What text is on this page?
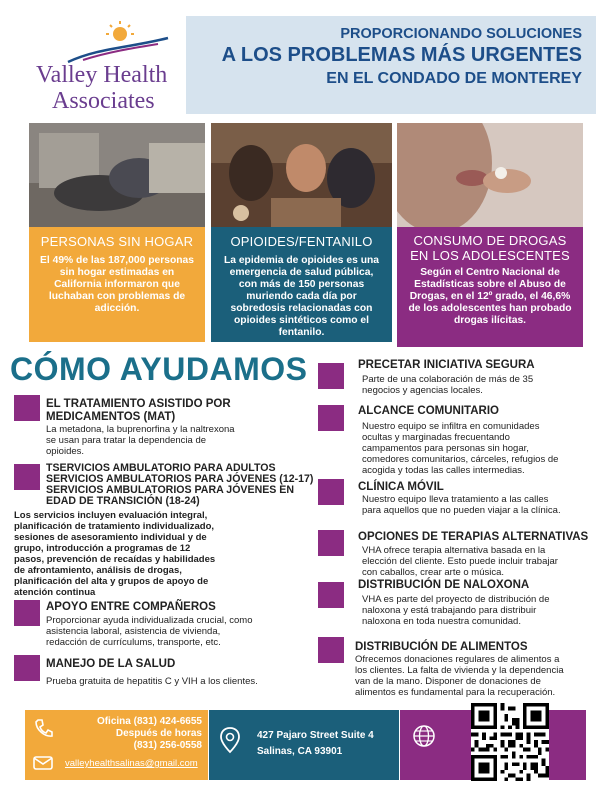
Valley Health
Associates
PROPORCIONANDO SOLUCIONES
A LOS PROBLEMAS MÁS URGENTES
EN EL CONDADO DE MONTEREY
PERSONAS SIN HOGAR
El 49% de las 187,000 personas sin hogar estimadas en California informaron que luchaban con problemas de adicción.
OPIOIDES/FENTANILO
La epidemia de opioides es una emergencia de salud pública, con más de 150 personas muriendo cada día por sobredosis relacionadas con opioides sintéticos como el fentanilo.
CONSUMO DE DROGAS
EN LOS ADOLESCENTES
Según el Centro Nacional de Estadísticas sobre el Abuso de Drogas, en el 12º grado, el 46,6% de los adolescentes han probado drogas ilícitas.
CÓMO AYUDAMOS
EL TRATAMIENTO ASISTIDO POR
MEDICAMENTOS (MAT)
La metadona, la buprenorfina y la naltrexona
se usan para tratar la dependencia de
opioides.
TSERVICIOS AMBULATORIO PARA ADULTOS
SERVICIOS AMBULATORIOS PARA JÓVENES (12-17)
SERVICIOS AMBULATORIOS PARA JÓVENES EN
EDAD DE TRANSICIÓN (18-24)
Los servicios incluyen evaluación integral,
planificación de tratamiento individualizado,
sesiones de asesoramiento individual y de
grupo, introducción a programas de 12
pasos, prevención de recaídas y habilidades
de afrontamiento, análisis de drogas,
planificación del alta y grupos de apoyo de
atención continua
APOYO ENTRE COMPAÑEROS
Proporcionar ayuda individualizada crucial, como
asistencia laboral, asistencia de vivienda,
redacción de currículums, transporte, etc.
MANEJO DE LA SALUD
Prueba gratuita de hepatitis C y VIH a los clientes.
PRECETAR INICIATIVA SEGURA
Parte de una colaboración de más de 35
negocios y agencias locales.
ALCANCE COMUNITARIO
Nuestro equipo se infiltra en comunidades
ocultas y marginadas frecuentando
campamentos para personas sin hogar,
comedores comunitarios, cárceles, refugios de
acogida y todas las calles intermedias.
CLÍNICA MÓVIL
Nuestro equipo lleva tratamiento a las calles
para aquellos que no pueden viajar a la clínica.
OPCIONES DE TERAPIAS ALTERNATIVAS
VHA ofrece terapia alternativa basada en la
elección del cliente. Esto puede incluir trabajar
con caballos, crear arte o música.
DISTRIBUCIÓN DE NALOXONA
VHA es parte del proyecto de distribución de
naloxona y está trabajando para distribuir
naloxona en toda nuestra comunidad.
DISTRIBUCIÓN DE ALIMENTOS
Ofrecemos donaciones regulares de alimentos a
los clientes. La falta de vivienda y la dependencia
van de la mano. Disponer de donaciones de
alimentos es fundamental para la recuperación.
Oficina (831) 424-6655
Después de horas
(831) 256-0558
valleyhealthsalinas@gmail.com
427 Pajaro Street Suite 4
Salinas, CA 93901
